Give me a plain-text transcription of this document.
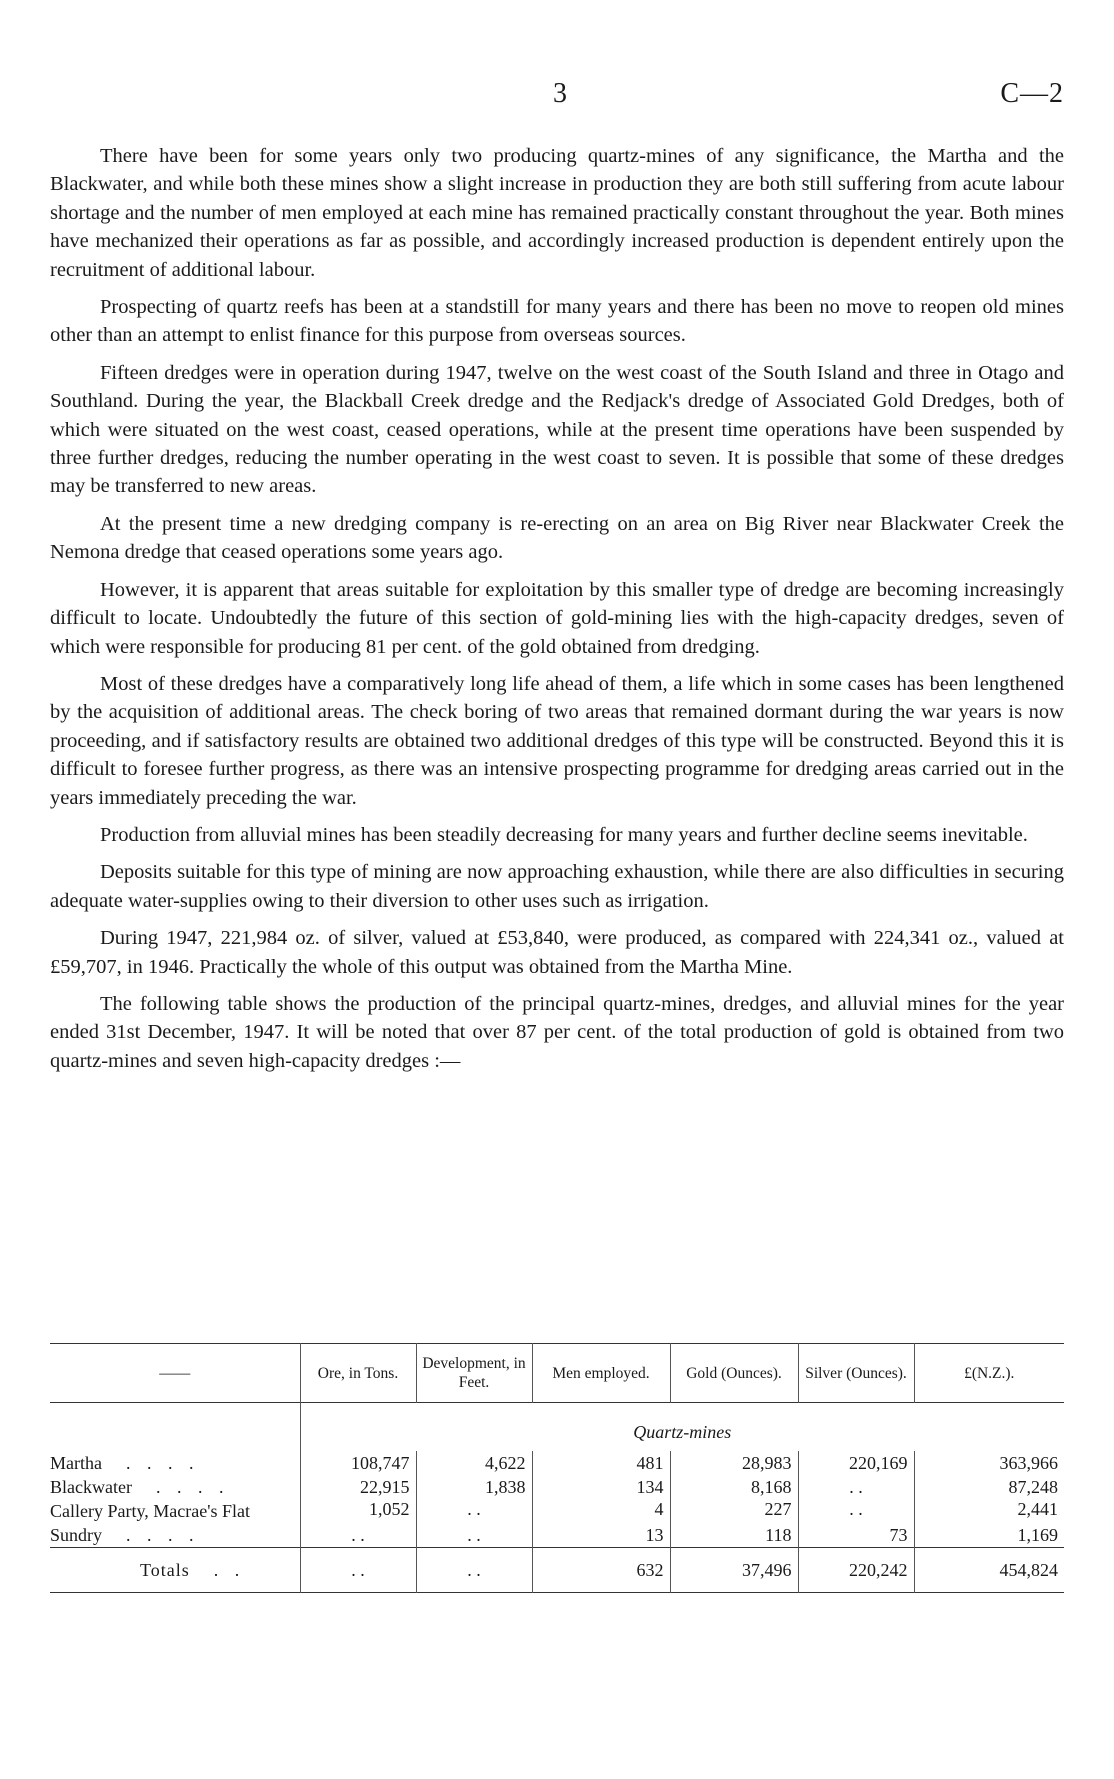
3	C—2

There have been for some years only two producing quartz-mines of any significance, the Martha and the Blackwater, and while both these mines show a slight increase in production they are both still suffering from acute labour shortage and the number of men employed at each mine has remained practically constant throughout the year. Both mines have mechanized their operations as far as possible, and accordingly increased production is dependent entirely upon the recruitment of additional labour.

Prospecting of quartz reefs has been at a standstill for many years and there has been no move to reopen old mines other than an attempt to enlist finance for this purpose from overseas sources.

Fifteen dredges were in operation during 1947, twelve on the west coast of the South Island and three in Otago and Southland. During the year, the Blackball Creek dredge and the Redjack's dredge of Associated Gold Dredges, both of which were situated on the west coast, ceased operations, while at the present time operations have been suspended by three further dredges, reducing the number operating in the west coast to seven. It is possible that some of these dredges may be transferred to new areas.

At the present time a new dredging company is re-erecting on an area on Big River near Blackwater Creek the Nemona dredge that ceased operations some years ago.

However, it is apparent that areas suitable for exploitation by this smaller type of dredge are becoming increasingly difficult to locate. Undoubtedly the future of this section of gold-mining lies with the high-capacity dredges, seven of which were responsible for producing 81 per cent. of the gold obtained from dredging.

Most of these dredges have a comparatively long life ahead of them, a life which in some cases has been lengthened by the acquisition of additional areas. The check boring of two areas that remained dormant during the war years is now proceeding, and if satisfactory results are obtained two additional dredges of this type will be constructed. Beyond this it is difficult to foresee further progress, as there was an intensive prospecting programme for dredging areas carried out in the years immediately preceding the war.

Production from alluvial mines has been steadily decreasing for many years and further decline seems inevitable.

Deposits suitable for this type of mining are now approaching exhaustion, while there are also difficulties in securing adequate water-supplies owing to their diversion to other uses such as irrigation.

During 1947, 221,984 oz. of silver, valued at £53,840, were produced, as compared with 224,341 oz., valued at £59,707, in 1946. Practically the whole of this output was obtained from the Martha Mine.

The following table shows the production of the principal quartz-mines, dredges, and alluvial mines for the year ended 31st December, 1947. It will be noted that over 87 per cent. of the total production of gold is obtained from two quartz-mines and seven high-capacity dredges :—

——	Ore, in Tons.	Development, in Feet.	Men employed.	Gold (Ounces).	Silver (Ounces).	£(N.Z.).
	Quartz-mines					
Martha . . . .	108,747	4,622	481	28,983	220,169	363,966
Blackwater . . . .	22,915	1,838	134	8,168	. .	87,248
Callery Party, Macrae's Flat	1,052	. .	4	227	. .	2,441
Sundry . . . .	. .	. .	13	118	73	1,169
Totals . .	. .	. .	632	37,496	220,242	454,824
